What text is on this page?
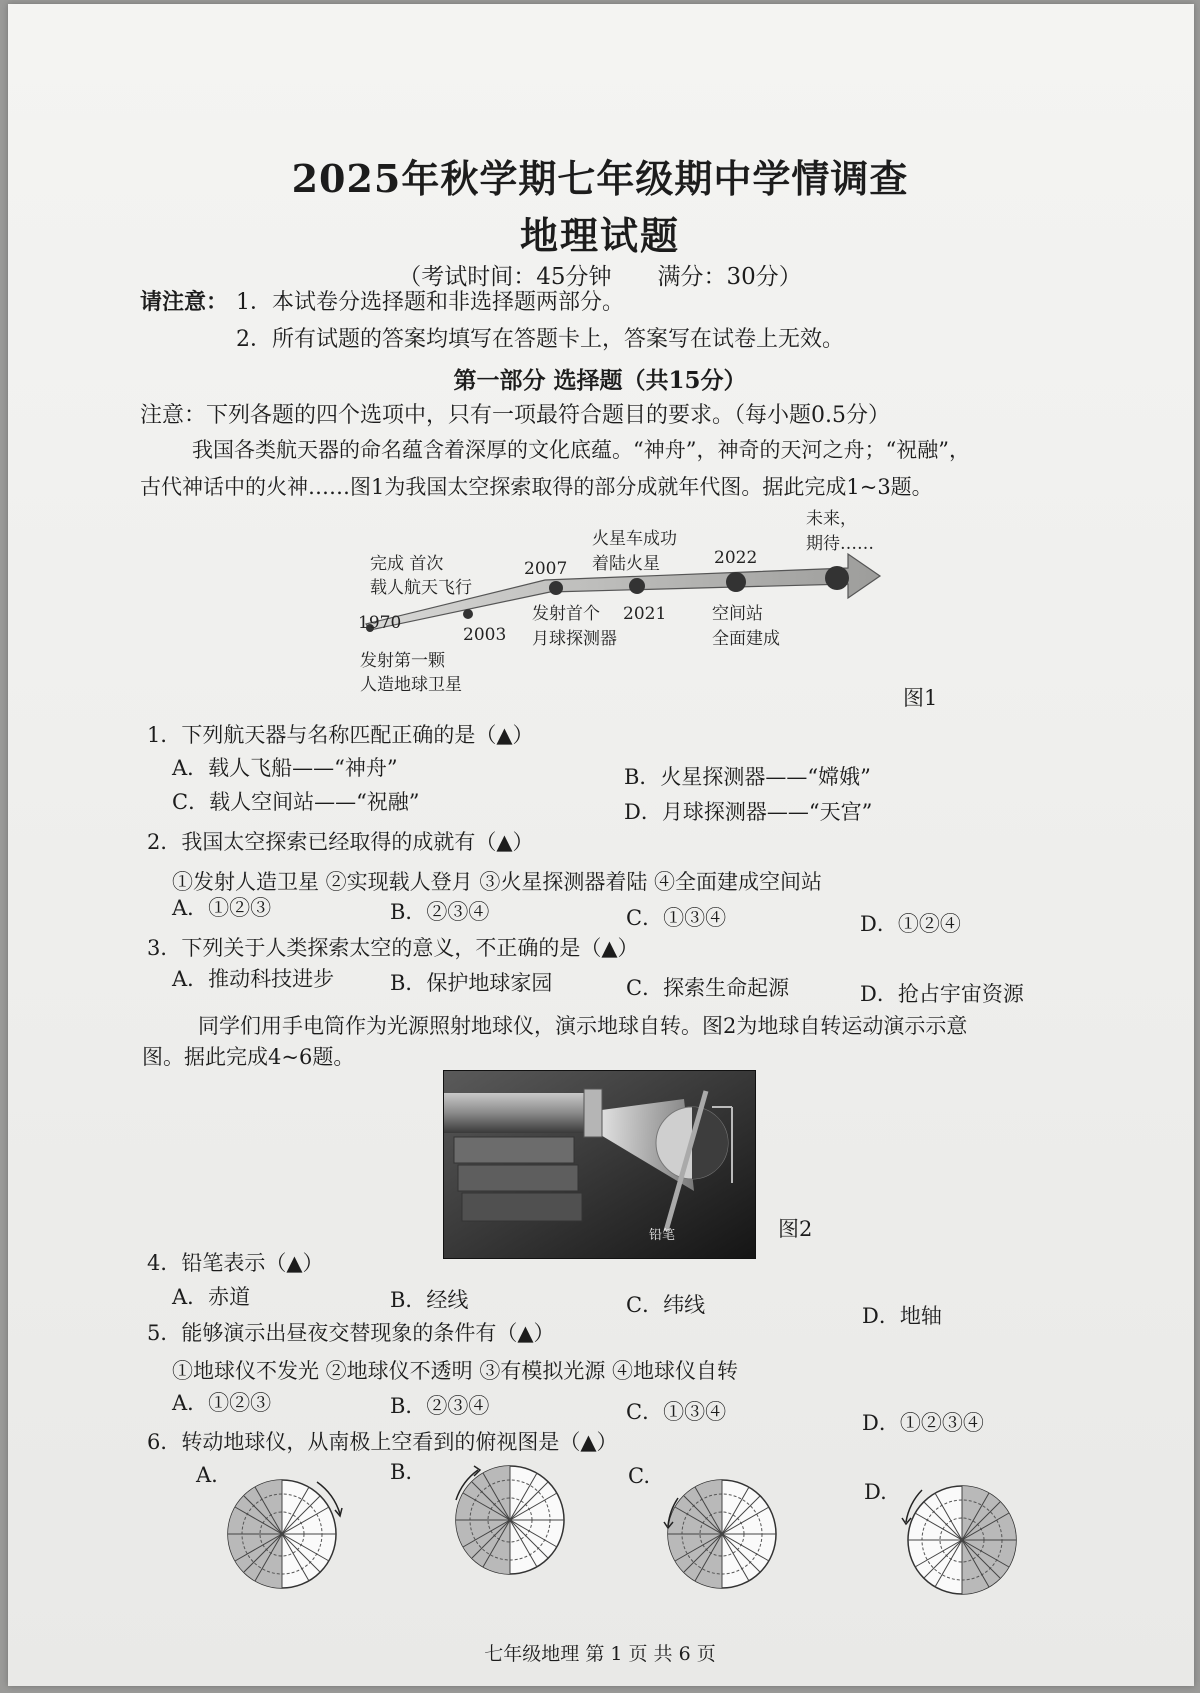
2025年秋学期七年级期中学情调查
地理试题
（考试时间：45分钟　　满分：30分）
请注意： 1．本试卷分选择题和非选择题两部分。
2．所有试题的答案均填写在答题卡上，答案写在试卷上无效。
第一部分 选择题（共15分）
注意：下列各题的四个选项中，只有一项最符合题目的要求。（每小题0.5分）
我国各类航天器的命名蕴含着深厚的文化底蕴。“神舟”，神奇的天河之舟；“祝融”，
古代神话中的火神……图1为我国太空探索取得的部分成就年代图。据此完成1~3题。
1970
发射第一颗
人造地球卫星
2003
完成 首次
载人航天飞行
2007
发射首个
月球探测器
2021
火星车成功
着陆火星	2022
空间站
全面建成
未来，
期待……
图1
1．下列航天器与名称匹配正确的是（▲）
A．载人飞船——“神舟”	B．火星探测器——“嫦娥”
C．载人空间站——“祝融”	D．月球探测器——“天宫”
2．我国太空探索已经取得的成就有（▲）
①发射人造卫星 ②实现载人登月 ③火星探测器着陆 ④全面建成空间站
A．①②③	B．②③④	C．①③④	D．①②④
3．下列关于人类探索太空的意义，不正确的是（▲）
A．推动科技进步	B．保护地球家园	C．探索生命起源	D．抢占宇宙资源
同学们用手电筒作为光源照射地球仪，演示地球自转。图2为地球自转运动演示示意
图。据此完成4~6题。
铅笔	图2
4．铅笔表示（▲）
A．赤道	B．经线	C．纬线	D．地轴
5．能够演示出昼夜交替现象的条件有（▲）
①地球仪不发光 ②地球仪不透明 ③有模拟光源 ④地球仪自转
A．①②③	B．②③④	C．①③④	D．①②③④
6．转动地球仪，从南极上空看到的俯视图是（▲）
A.	B.	C.
D.
七年级地理 第 1 页 共 6 页
